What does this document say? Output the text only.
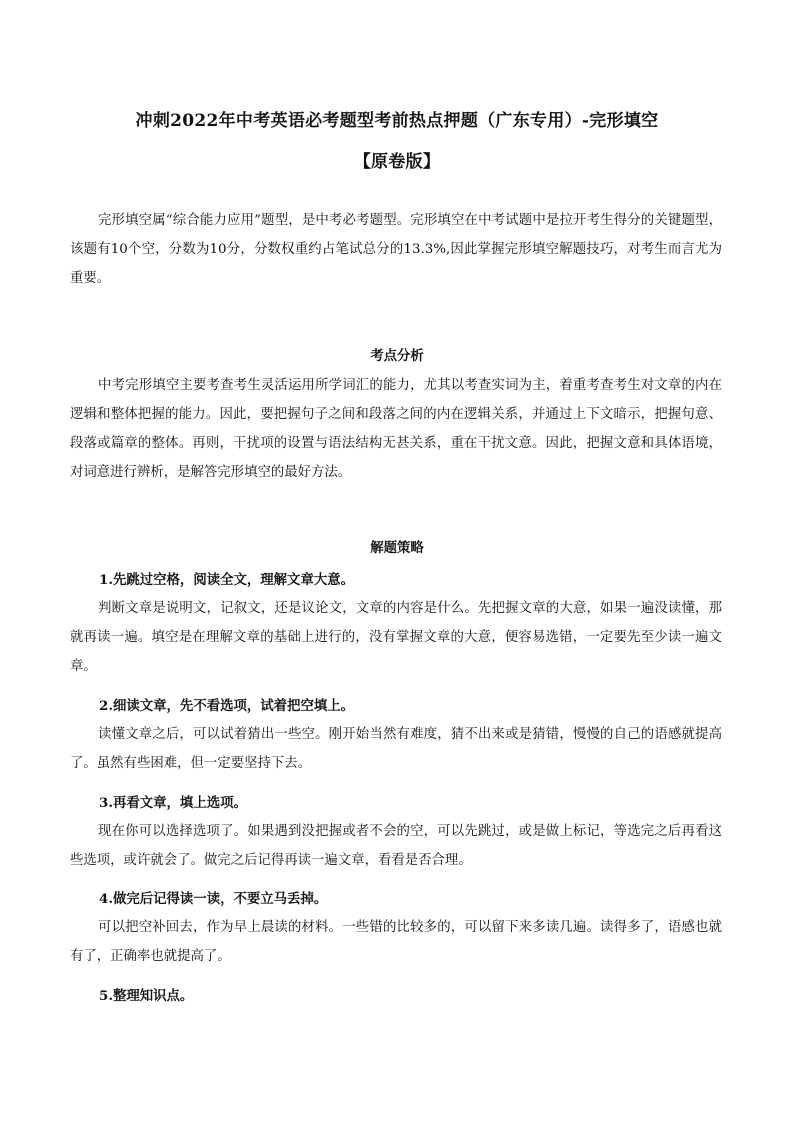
冲刺2022年中考英语必考题型考前热点押题（广东专用）-完形填空
【原卷版】

完形填空属“综合能力应用”题型，是中考必考题型。完形填空在中考试题中是拉开考生得分的关键题型，该题有10个空，分数为10分，分数权重约占笔试总分的13.3%,因此掌握完形填空解题技巧，对考生而言尤为重要。

考点分析

中考完形填空主要考查考生灵活运用所学词汇的能力，尤其以考查实词为主，着重考查考生对文章的内在逻辑和整体把握的能力。因此，要把握句子之间和段落之间的内在逻辑关系，并通过上下文暗示，把握句意、段落或篇章的整体。再则，干扰项的设置与语法结构无甚关系，重在干扰文意。因此，把握文意和具体语境，对词意进行辨析，是解答完形填空的最好方法。

解题策略

1.先跳过空格，阅读全文，理解文章大意。

判断文章是说明文，记叙文，还是议论文，文章的内容是什么。先把握文章的大意，如果一遍没读懂，那就再读一遍。填空是在理解文章的基础上进行的，没有掌握文章的大意，便容易选错，一定要先至少读一遍文章。

2.细读文章，先不看选项，试着把空填上。

读懂文章之后，可以试着猜出一些空。刚开始当然有难度，猜不出来或是猜错，慢慢的自己的语感就提高了。虽然有些困难，但一定要坚持下去。

3.再看文章，填上选项。

现在你可以选择选项了。如果遇到没把握或者不会的空，可以先跳过，或是做上标记，等选完之后再看这些选项，或许就会了。做完之后记得再读一遍文章，看看是否合理。

4.做完后记得读一读，不要立马丢掉。

可以把空补回去，作为早上晨读的材料。一些错的比较多的，可以留下来多读几遍。读得多了，语感也就有了，正确率也就提高了。

5.整理知识点。
